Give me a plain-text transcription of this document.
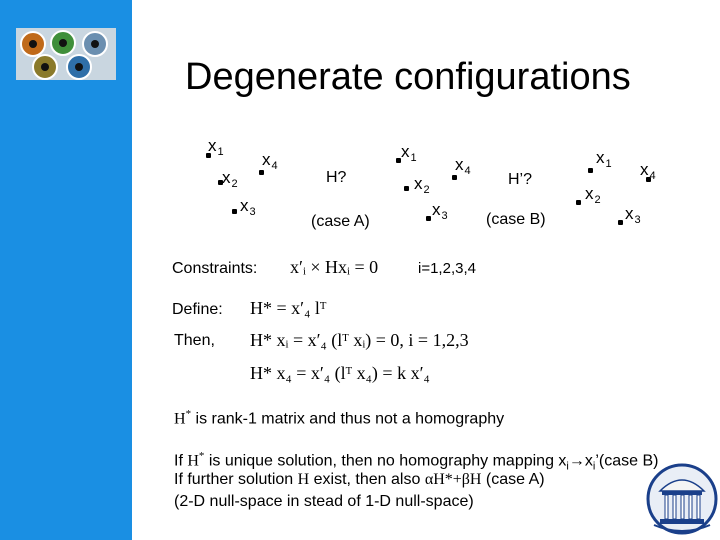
Degenerate configurations
$x_1$ $x_4$
$x_2$
$x_3$
H?
(case A)
$x_1$ $x_4$
$x_2$
$x_3$
H’?
(case B)
$x_1$ $x_4$
$x_2$
$x_3$
Constraints: x′ᵢ × Hxᵢ = 0	i=1,2,3,4
Define: H* = x′₄ lᵀ
Then, H* xᵢ = x′₄ (lᵀ xᵢ) = 0, i = 1,2,3
H* x₄ = x′₄ (lᵀ x₄) = k x′₄
H* is rank-1 matrix and thus not a homography
If H* is unique solution, then no homography mapping $x_i\to x_i’(case$ B)
If further solution H exist, then also αH*+βH (case A)
(2-D null-space in stead of 1-D null-space)
